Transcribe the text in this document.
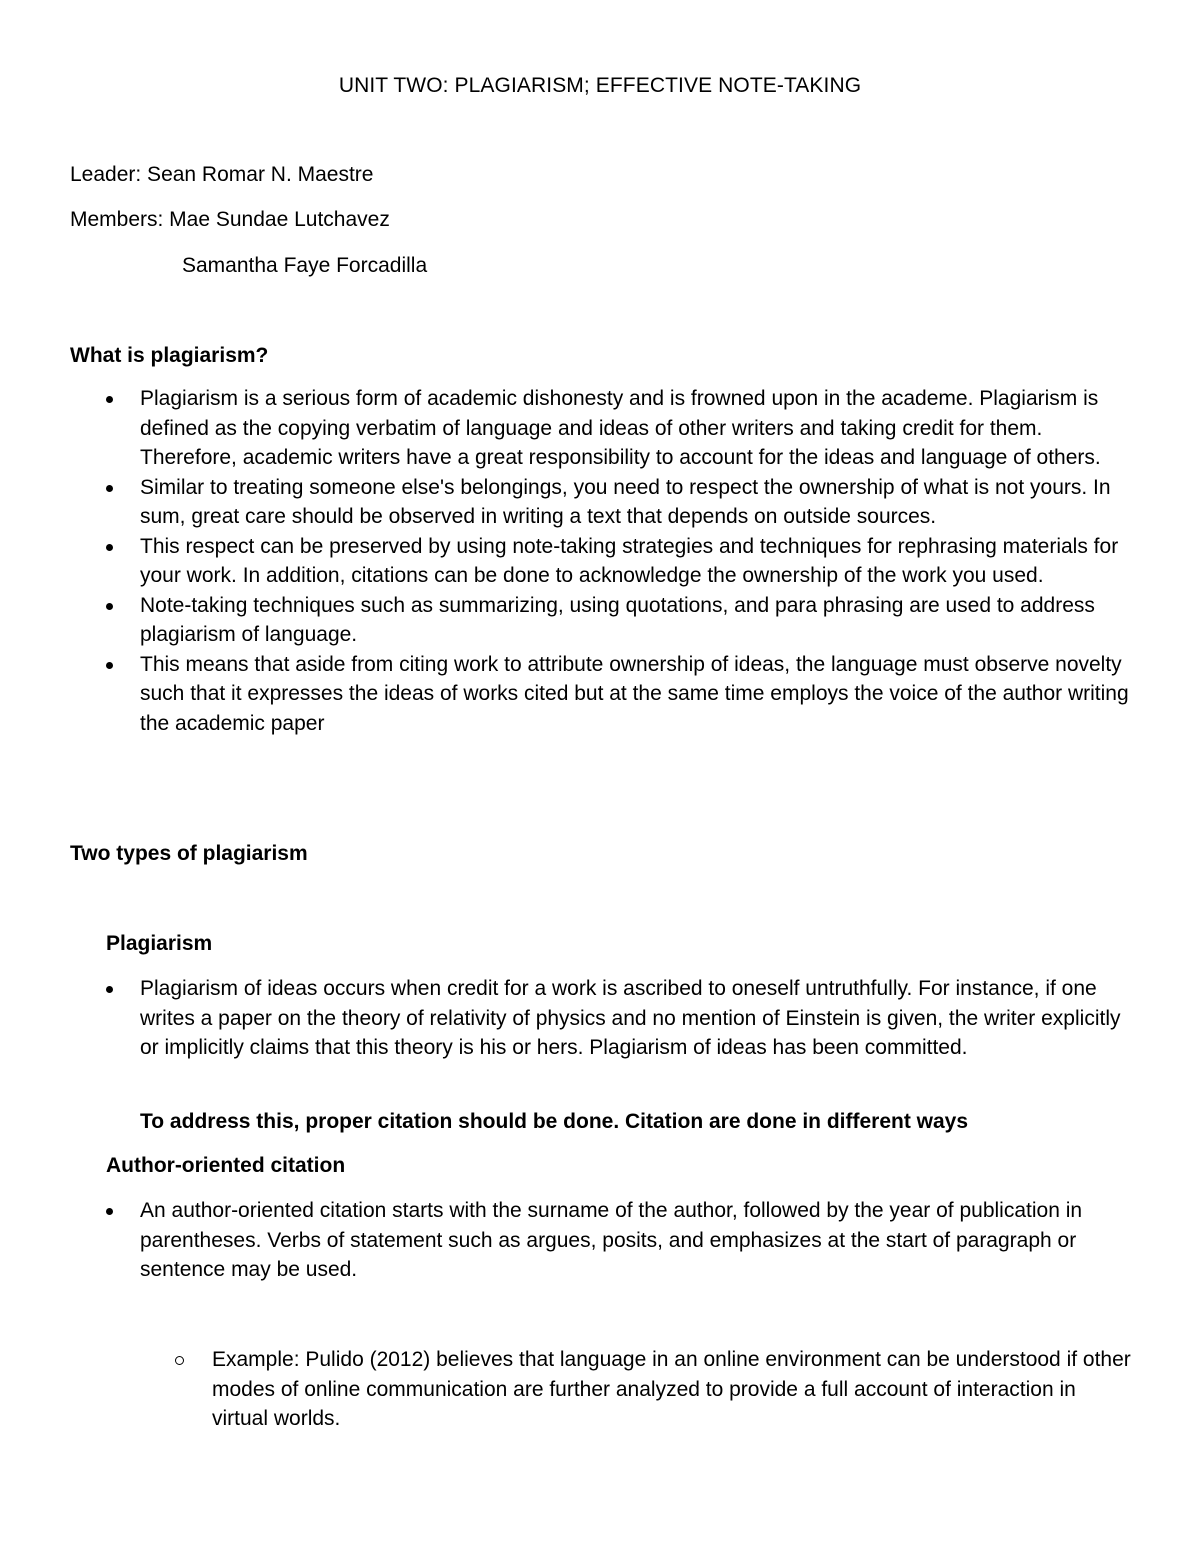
UNIT TWO: PLAGIARISM; EFFECTIVE NOTE-TAKING
Leader: Sean Romar N. Maestre
Members: Mae Sundae Lutchavez
Samantha Faye Forcadilla
What is plagiarism?
Plagiarism is a serious form of academic dishonesty and is frowned upon in the academe. Plagiarism is defined as the copying verbatim of language and ideas of other writers and taking credit for them. Therefore, academic writers have a great responsibility to account for the ideas and language of others.
Similar to treating someone else's belongings, you need to respect the ownership of what is not yours. In sum, great care should be observed in writing a text that depends on outside sources.
This respect can be preserved by using note-taking strategies and techniques for rephrasing materials for your work. In addition, citations can be done to acknowledge the ownership of the work you used.
Note-taking techniques such as summarizing, using quotations, and para phrasing are used to address plagiarism of language.
This means that aside from citing work to attribute ownership of ideas, the language must observe novelty such that it expresses the ideas of works cited but at the same time employs the voice of the author writing the academic paper
Two types of plagiarism
Plagiarism
Plagiarism of ideas occurs when credit for a work is ascribed to oneself untruthfully. For instance, if one writes a paper on the theory of relativity of physics and no mention of Einstein is given, the writer explicitly or implicitly claims that this theory is his or hers. Plagiarism of ideas has been committed.
To address this, proper citation should be done. Citation are done in different ways
Author-oriented citation
An author-oriented citation starts with the surname of the author, followed by the year of publication in parentheses. Verbs of statement such as argues, posits, and emphasizes at the start of paragraph or sentence may be used.
Example: Pulido (2012) believes that language in an online environment can be understood if other modes of online communication are further analyzed to provide a full account of interaction in virtual worlds.
